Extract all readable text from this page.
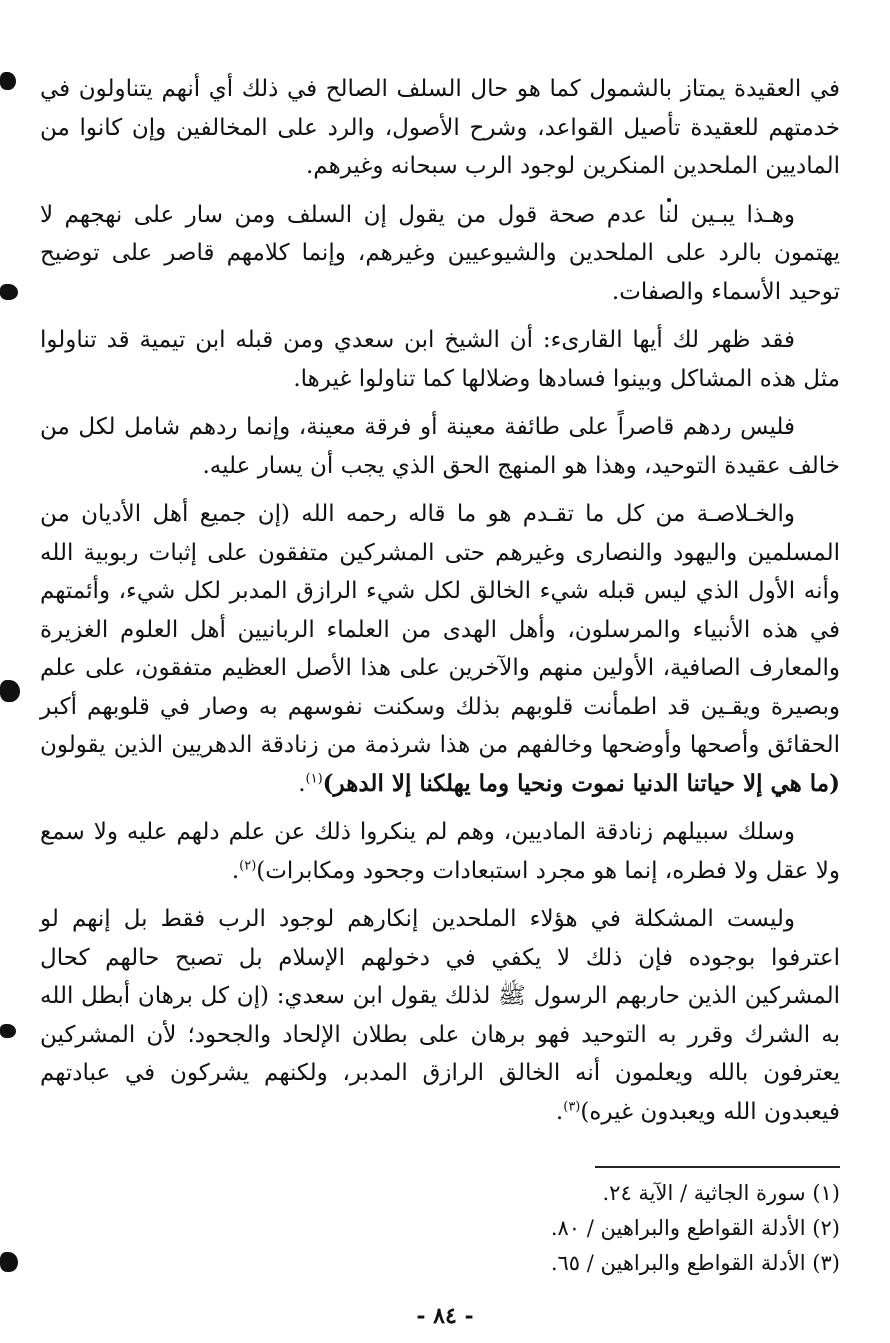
في العقيدة يمتاز بالشمول كما هو حال السلف الصالح في ذلك أي أنهم يتناولون في خدمتهم للعقيدة تأصيل القواعد، وشرح الأصول، والرد على المخالفين وإن كانوا من الماديين الملحدين المنكرين لوجود الرب سبحانه وغيرهم.

وهـذا يبـين لنا عدم صحة قول من يقول إن السلف ومن سار على نهجهم لا يهتمون بالرد على الملحدين والشيوعيين وغيرهم، وإنما كلامهم قاصر على توضيح توحيد الأسماء والصفات.

فقد ظهر لك أيها القارىء: أن الشيخ ابن سعدي ومن قبله ابن تيمية قد تناولوا مثل هذه المشاكل وبينوا فسادها وضلالها كما تناولوا غيرها.

فليس ردهم قاصراً على طائفة معينة أو فرقة معينة، وإنما ردهم شامل لكل من خالف عقيدة التوحيد، وهذا هو المنهج الحق الذي يجب أن يسار عليه.

والخـلاصـة من كل ما تقـدم هو ما قاله رحمه الله (إن جميع أهل الأديان من المسلمين واليهود والنصارى وغيرهم حتى المشركين متفقون على إثبات ربوبية الله وأنه الأول الذي ليس قبله شيء الخالق لكل شيء الرازق المدبر لكل شيء، وأئمتهم في هذه الأنبياء والمرسلون، وأهل الهدى من العلماء الربانيين أهل العلوم الغزيرة والمعارف الصافية، الأولين منهم والآخرين على هذا الأصل العظيم متفقون، على علم وبصيرة ويقـين قد اطمأنت قلوبهم بذلك وسكنت نفوسهم به وصار في قلوبهم أكبر الحقائق وأصحها وأوضحها وخالفهم من هذا شرذمة من زنادقة الدهريين الذين يقولون (ما هي إلا حياتنا الدنيا نموت ونحيا وما يهلكنا إلا الدهر)$^{(١)}$.

وسلك سبيلهم زنادقة الماديين، وهم لم ينكروا ذلك عن علم دلهم عليه ولا سمع ولا عقل ولا فطره، إنما هو مجرد استبعادات وجحود ومكابرات)$^{(٢)}$.

وليست المشكلة في هؤلاء الملحدين إنكارهم لوجود الرب فقط بل إنهم لو اعترفوا بوجوده فإن ذلك لا يكفي في دخولهم الإسلام بل تصبح حالهم كحال المشركين الذين حاربهم الرسول ﷺ لذلك يقول ابن سعدي: (إن كل برهان أبطل الله به الشرك وقرر به التوحيد فهو برهان على بطلان الإلحاد والجحود؛ لأن المشركين يعترفون بالله ويعلمون أنه الخالق الرازق المدبر، ولكنهم يشركون في عبادتهم فيعبدون الله ويعبدون غيره)$^{(٣)}$.

(١) سورة الجاثية / الآية ٢٤.

(٢) الأدلة القواطع والبراهين / ٨٠.

(٣) الأدلة القواطع والبراهين / ٦٥.

- ٨٤ -
